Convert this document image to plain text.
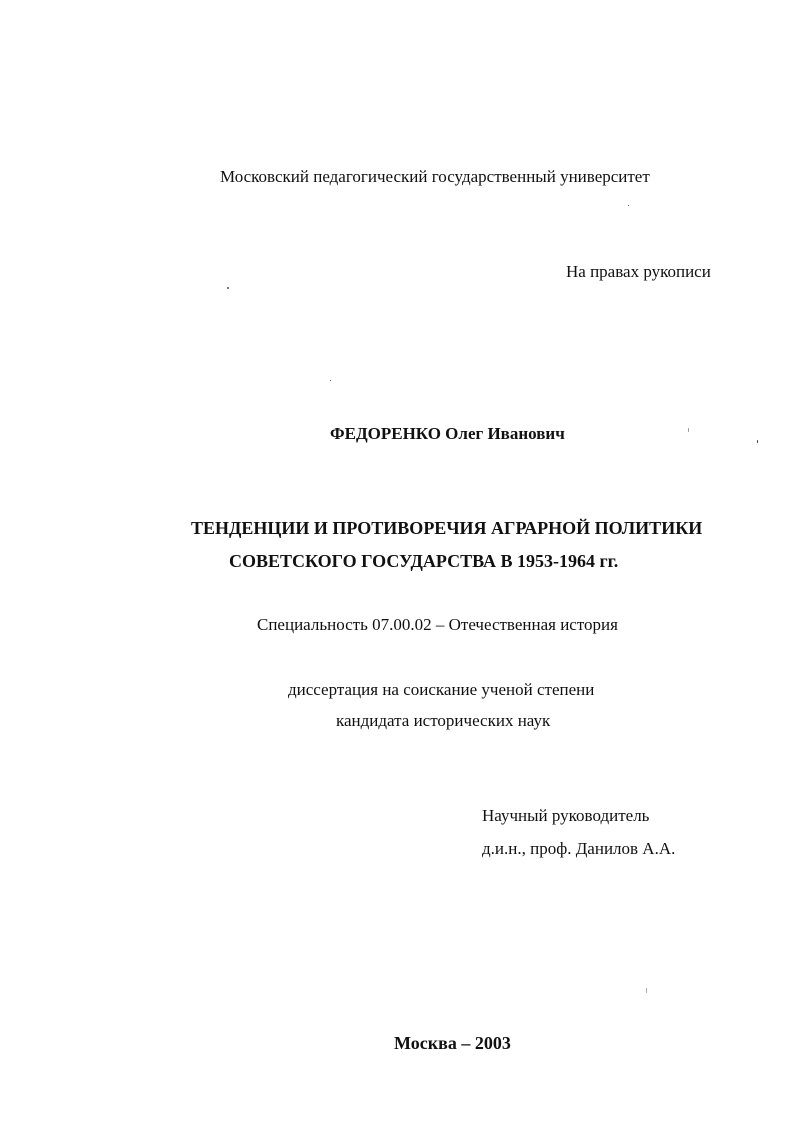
Московский педагогический государственный университет
На правах рукописи
ФЕДОРЕНКО Олег Иванович
ТЕНДЕНЦИИ И ПРОТИВОРЕЧИЯ АГРАРНОЙ ПОЛИТИКИ
СОВЕТСКОГО ГОСУДАРСТВА В 1953-1964 гг.
Специальность 07.00.02 – Отечественная история
диссертация на соискание ученой степени
кандидата исторических наук
Научный руководитель
д.и.н., проф. Данилов А.А.
Москва – 2003
